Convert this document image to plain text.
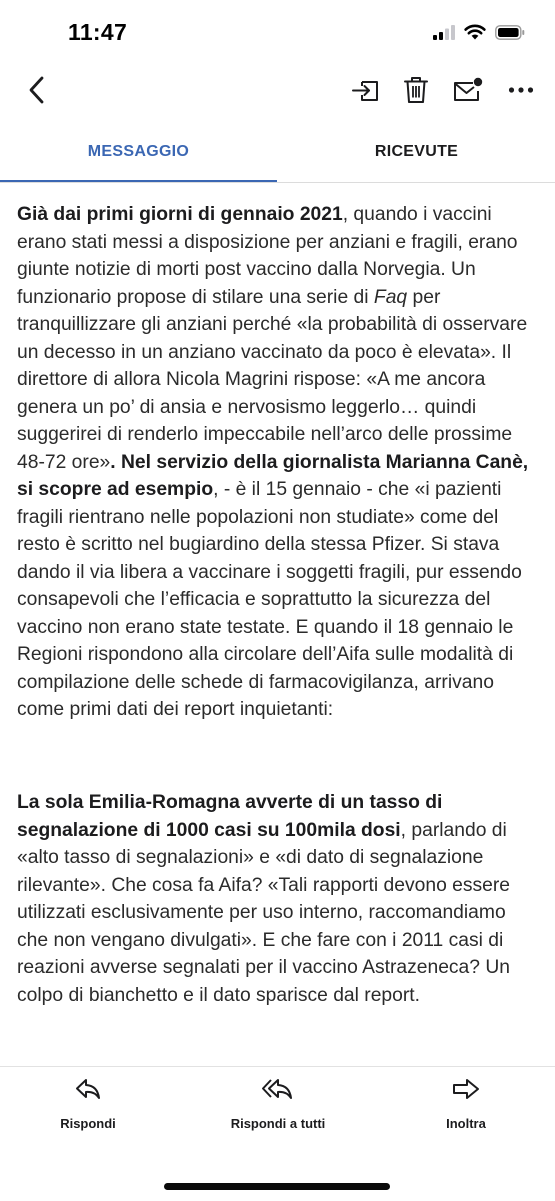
11:47
MESSAGGIO	RICEVUTE

Già dai primi giorni di gennaio 2021, quando i vaccini erano stati messi a disposizione per anziani e fragili, erano giunte notizie di morti post vaccino dalla Norvegia. Un funzionario propose di stilare una serie di Faq per tranquillizzare gli anziani perché «la probabilità di osservare un decesso in un anziano vaccinato da poco è elevata». Il direttore di allora Nicola Magrini rispose: «A me ancora genera un po’ di ansia e nervosismo leggerlo… quindi suggerirei di renderlo impeccabile nell’arco delle prossime 48-72 ore». Nel servizio della giornalista Marianna Canè, si scopre ad esempio, - è il 15 gennaio - che «i pazienti fragili rientrano nelle popolazioni non studiate» come del resto è scritto nel bugiardino della stessa Pfizer. Si stava dando il via libera a vaccinare i soggetti fragili, pur essendo consapevoli che l’efficacia e soprattutto la sicurezza del vaccino non erano state testate. E quando il 18 gennaio le Regioni rispondono alla circolare dell’Aifa sulle modalità di compilazione delle schede di farmacovigilanza, arrivano come primi dati dei report inquietanti:

La sola Emilia-Romagna avverte di un tasso di segnalazione di 1000 casi su 100mila dosi, parlando di «alto tasso di segnalazioni» e «di dato di segnalazione rilevante». Che cosa fa Aifa? «Tali rapporti devono essere utilizzati esclusivamente per uso interno, raccomandiamo che non vengano divulgati». E che fare con i 2011 casi di reazioni avverse segnalati per il vaccino Astrazeneca? Un colpo di bianchetto e il dato sparisce dal report.

Rispondi	Rispondi a tutti	Inoltra
